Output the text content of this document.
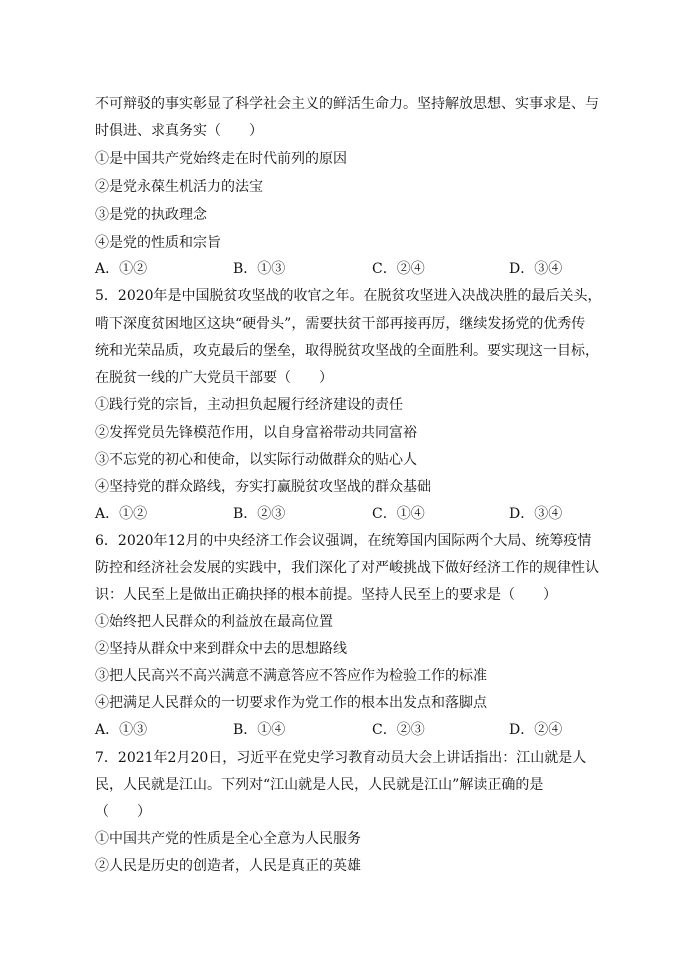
不可辩驳的事实彰显了科学社会主义的鲜活生命力。坚持解放思想、实事求是、与
时俱进、求真务实（　　）
①是中国共产党始终走在时代前列的原因
②是党永葆生机活力的法宝
③是党的执政理念
④是党的性质和宗旨
A．①②	B．①③	C．②④	D．③④
5．2020年是中国脱贫攻坚战的收官之年。在脱贫攻坚进入决战决胜的最后关头，
啃下深度贫困地区这块“硬骨头”，需要扶贫干部再接再厉，继续发扬党的优秀传
统和光荣品质，攻克最后的堡垒，取得脱贫攻坚战的全面胜利。要实现这一目标，
在脱贫一线的广大党员干部要（　　）
①践行党的宗旨，主动担负起履行经济建设的责任
②发挥党员先锋模范作用，以自身富裕带动共同富裕
③不忘党的初心和使命，以实际行动做群众的贴心人
④坚持党的群众路线，夯实打赢脱贫攻坚战的群众基础
A．①②	B．②③	C．①④	D．③④
6．2020年12月的中央经济工作会议强调，在统筹国内国际两个大局、统筹疫情
防控和经济社会发展的实践中，我们深化了对严峻挑战下做好经济工作的规律性认
识：人民至上是做出正确抉择的根本前提。坚持人民至上的要求是（　　）
①始终把人民群众的利益放在最高位置
②坚持从群众中来到群众中去的思想路线
③把人民高兴不高兴满意不满意答应不答应作为检验工作的标准
④把满足人民群众的一切要求作为党工作的根本出发点和落脚点
A．①③	B．①④	C．②③	D．②④
7．2021年2月20日，习近平在党史学习教育动员大会上讲话指出：江山就是人
民，人民就是江山。下列对“江山就是人民，人民就是江山”解读正确的是
（　　）
①中国共产党的性质是全心全意为人民服务
②人民是历史的创造者，人民是真正的英雄
